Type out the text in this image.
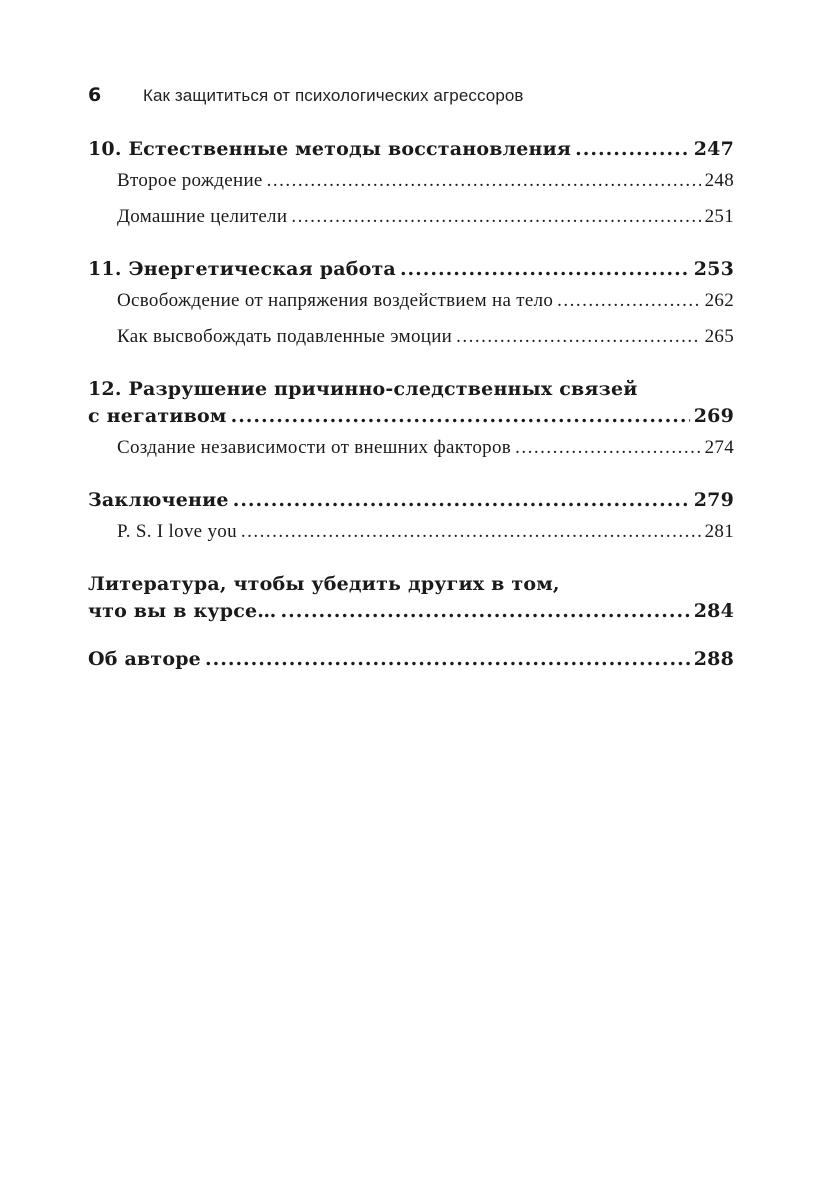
6	Как защититься от психологических агрессоров
10. Естественные методы восстановления .....	247
Второе рождение .....	248
Домашние целители .....	251
11. Энергетическая работа .....	253
Освобождение от напряжения воздействием на тело .....	262
Как высвобождать подавленные эмоции .....	265
12. Разрушение причинно-следственных связей
с негативом .....	269
Создание независимости от внешних факторов .....	274
Заключение .....	279
P. S. I love you .....	281
Литература, чтобы убедить других в том,
что вы в курсе… .....	284
Об авторе .....	288
